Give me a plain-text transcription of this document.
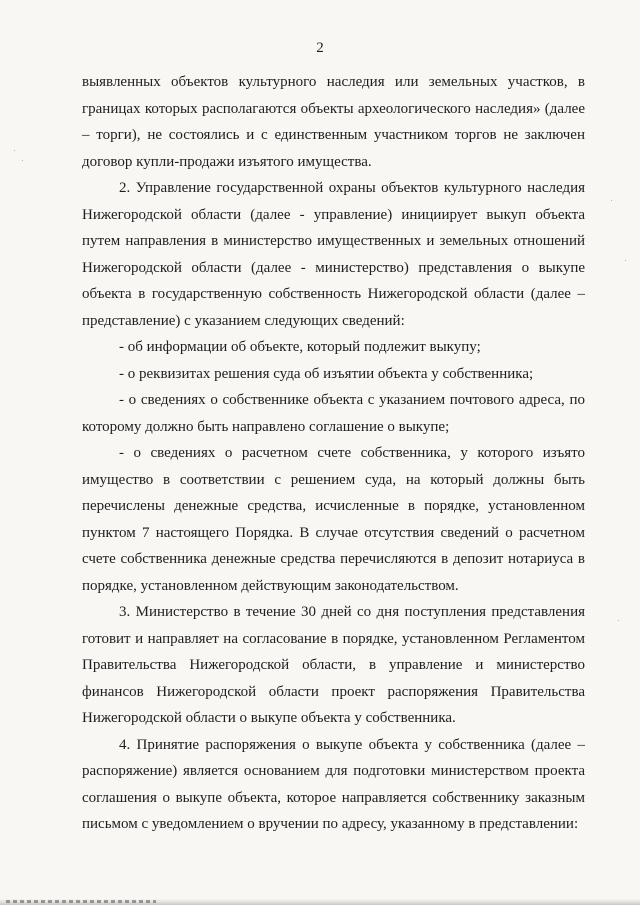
2

выявленных объектов культурного наследия или земельных участков, в границах которых располагаются объекты археологического наследия» (далее – торги), не состоялись и с единственным участником торгов не заключен договор купли-продажи изъятого имущества.

2. Управление государственной охраны объектов культурного наследия Нижегородской области (далее - управление) инициирует выкуп объекта путем направления в министерство имущественных и земельных отношений Нижегородской области (далее - министерство) представления о выкупе объекта в государственную собственность Нижегородской области (далее – представление) с указанием следующих сведений:

- об информации об объекте, который подлежит выкупу;

- о реквизитах решения суда об изъятии объекта у собственника;

- о сведениях о собственнике объекта с указанием почтового адреса, по которому должно быть направлено соглашение о выкупе;

- о сведениях о расчетном счете собственника, у которого изъято имущество в соответствии с решением суда, на который должны быть перечислены денежные средства, исчисленные в порядке, установленном пунктом 7 настоящего Порядка. В случае отсутствия сведений о расчетном счете собственника денежные средства перечисляются в депозит нотариуса в порядке, установленном действующим законодательством.

3. Министерство в течение 30 дней со дня поступления представления готовит и направляет на согласование в порядке, установленном Регламентом Правительства Нижегородской области, в управление и министерство финансов Нижегородской области проект распоряжения Правительства Нижегородской области о выкупе объекта у собственника.

4. Принятие распоряжения о выкупе объекта у собственника (далее – распоряжение) является основанием для подготовки министерством проекта соглашения о выкупе объекта, которое направляется собственнику заказным письмом с уведомлением о вручении по адресу, указанному в представлении:
